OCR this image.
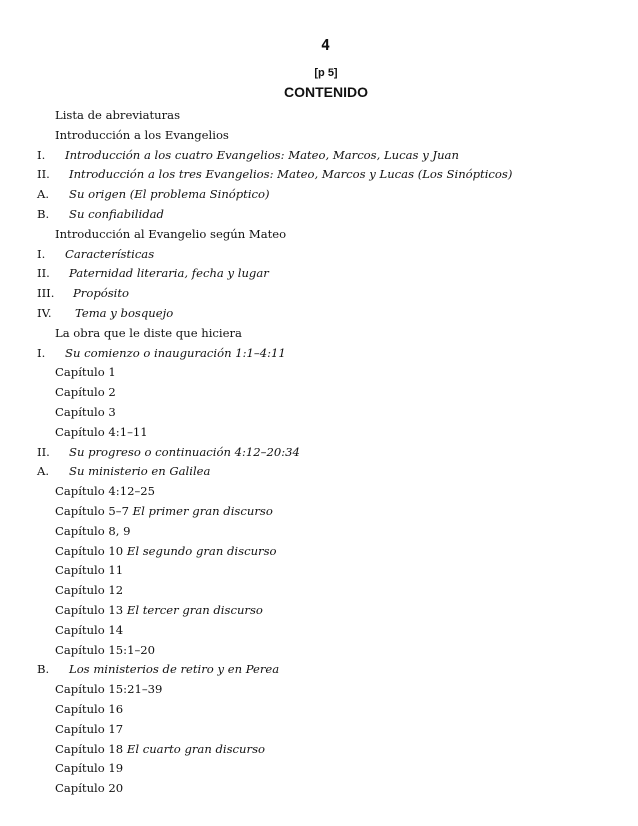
4
[p 5]
CONTENIDO
Lista de abreviaturas
Introducción a los Evangelios
I. Introducción a los cuatro Evangelios: Mateo, Marcos, Lucas y Juan
II. Introducción a los tres Evangelios: Mateo, Marcos y Lucas (Los Sinópticos)
A. Su origen (El problema Sinóptico)
B. Su confiabilidad
Introducción al Evangelio según Mateo
I. Características
II. Paternidad literaria, fecha y lugar
III. Propósito
IV. Tema y bosquejo
La obra que le diste que hiciera
I. Su comienzo o inauguración 1:1–4:11
Capítulo 1
Capítulo 2
Capítulo 3
Capítulo 4:1–11
II. Su progreso o continuación 4:12–20:34
A. Su ministerio en Galilea
Capítulo 4:12–25
Capítulo 5–7 El primer gran discurso
Capítulo 8, 9
Capítulo 10 El segundo gran discurso
Capítulo 11
Capítulo 12
Capítulo 13 El tercer gran discurso
Capítulo 14
Capítulo 15:1–20
B. Los ministerios de retiro y en Perea
Capítulo 15:21–39
Capítulo 16
Capítulo 17
Capítulo 18 El cuarto gran discurso
Capítulo 19
Capítulo 20
